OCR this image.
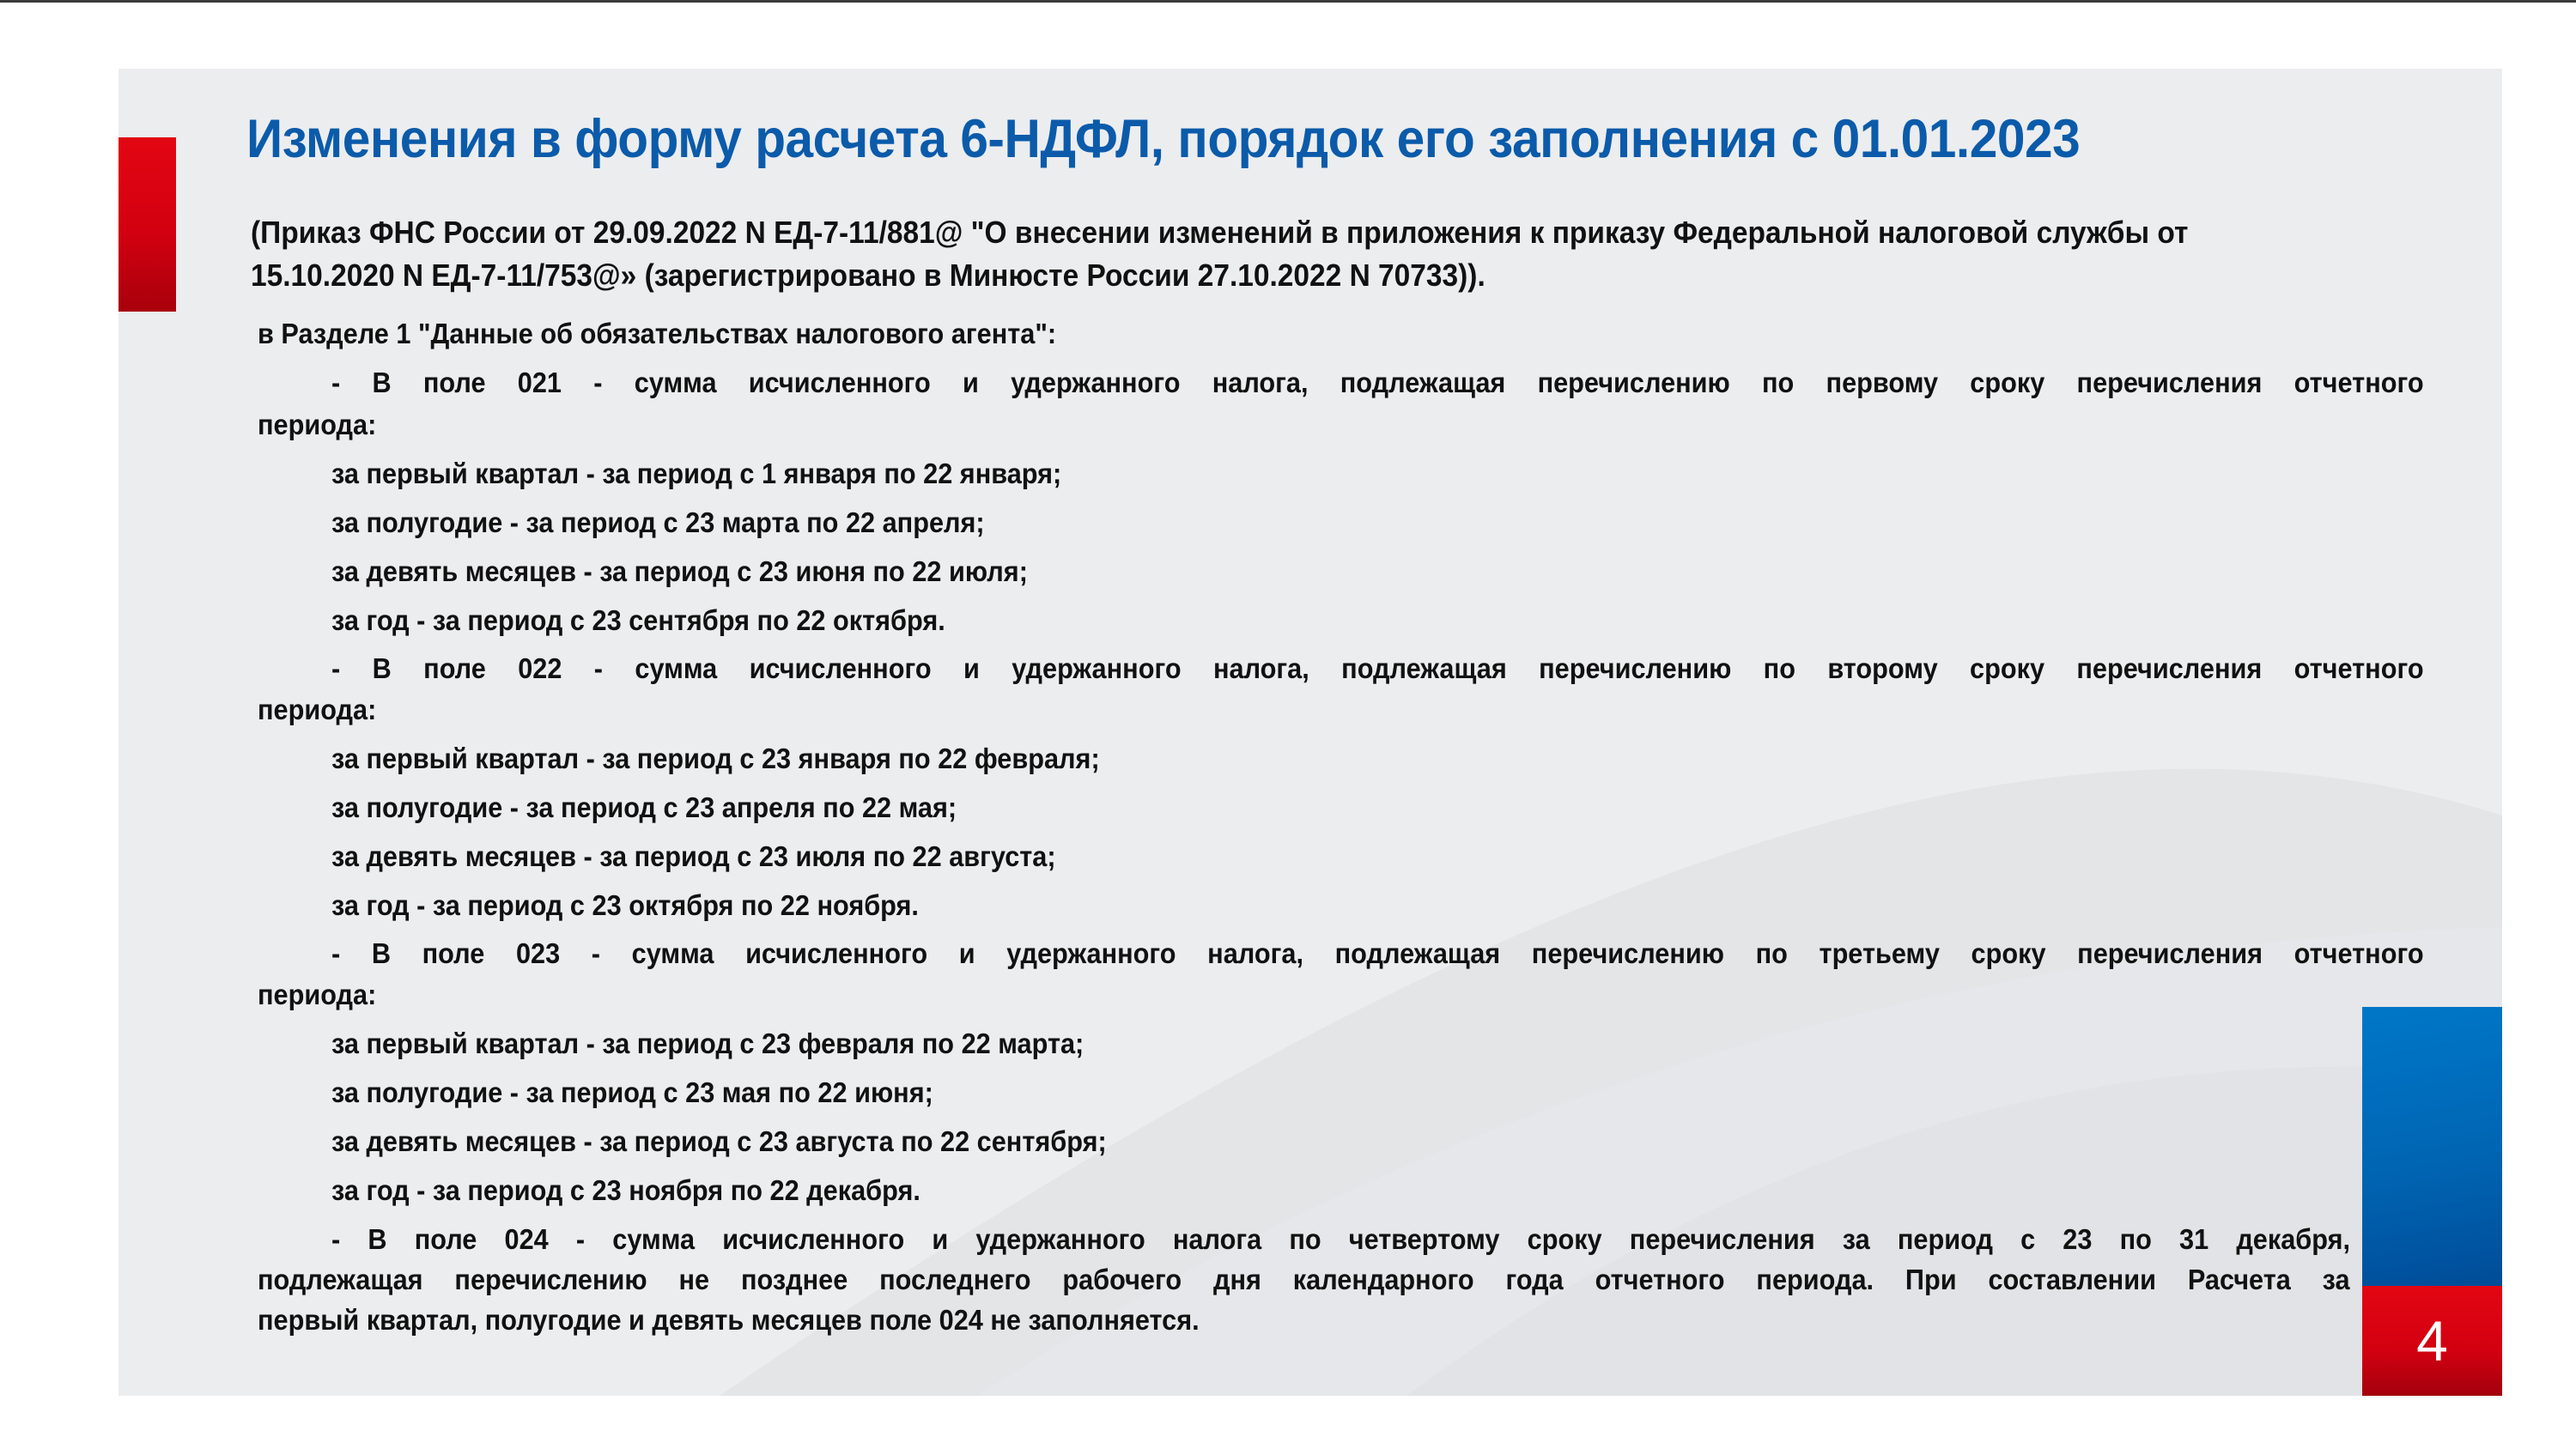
Изменения в форму расчета 6-НДФЛ, порядок его заполнения с 01.01.2023
(Приказ ФНС России от 29.09.2022 N ЕД-7-11/881@ "О внесении изменений в приложения к приказу Федеральной налоговой службы от
15.10.2020 N ЕД-7-11/753@» (зарегистрировано в Минюсте России 27.10.2022 N 70733)).
в Разделе 1 "Данные об обязательствах налогового агента":
- В поле 021 - сумма исчисленного и удержанного налога, подлежащая перечислению по первому сроку перечисления отчетного
периода:
за первый квартал - за период с 1 января по 22 января;
за полугодие - за период с 23 марта по 22 апреля;
за девять месяцев - за период с 23 июня по 22 июля;
за год - за период с 23 сентября по 22 октября.
- В поле 022 - сумма исчисленного и удержанного налога, подлежащая перечислению по второму сроку перечисления отчетного
периода:
за первый квартал - за период с 23 января по 22 февраля;
за полугодие - за период с 23 апреля по 22 мая;
за девять месяцев - за период с 23 июля по 22 августа;
за год - за период с 23 октября по 22 ноября.
- В поле 023 - сумма исчисленного и удержанного налога, подлежащая перечислению по третьему сроку перечисления отчетного
периода:
за первый квартал - за период с 23 февраля по 22 марта;
за полугодие - за период с 23 мая по 22 июня;
за девять месяцев - за период с 23 августа по 22 сентября;
за год - за период с 23 ноября по 22 декабря.
- В поле 024 - сумма исчисленного и удержанного налога по четвертому сроку перечисления за период с 23 по 31 декабря,
подлежащая перечислению не позднее последнего рабочего дня календарного года отчетного периода. При составлении Расчета за
первый квартал, полугодие и девять месяцев поле 024 не заполняется.	4
